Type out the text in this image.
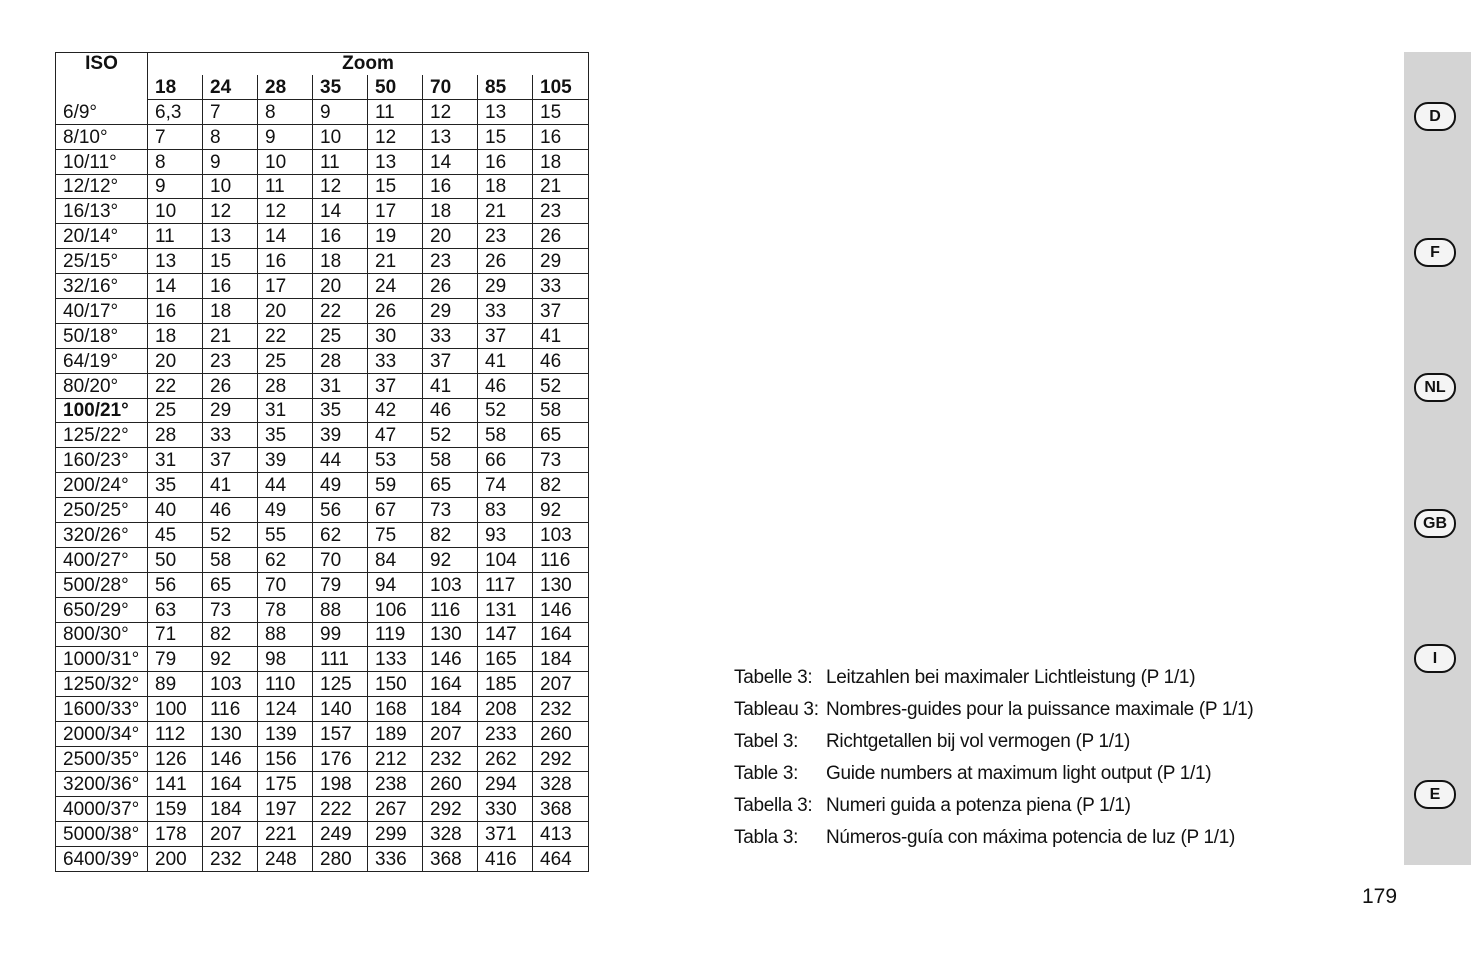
ISO	Zoom							
	18	24	28	35	50	70	85	105
6/9°	6,3	7	8	9	11	12	13	15
8/10°	7	8	9	10	12	13	15	16
10/11°	8	9	10	11	13	14	16	18
12/12°	9	10	11	12	15	16	18	21
16/13°	10	12	12	14	17	18	21	23
20/14°	11	13	14	16	19	20	23	26
25/15°	13	15	16	18	21	23	26	29
32/16°	14	16	17	20	24	26	29	33
40/17°	16	18	20	22	26	29	33	37
50/18°	18	21	22	25	30	33	37	41
64/19°	20	23	25	28	33	37	41	46
80/20°	22	26	28	31	37	41	46	52
100/21°	25	29	31	35	42	46	52	58
125/22°	28	33	35	39	47	52	58	65
160/23°	31	37	39	44	53	58	66	73
200/24°	35	41	44	49	59	65	74	82
250/25°	40	46	49	56	67	73	83	92
320/26°	45	52	55	62	75	82	93	103
400/27°	50	58	62	70	84	92	104	116
500/28°	56	65	70	79	94	103	117	130
650/29°	63	73	78	88	106	116	131	146
800/30°	71	82	88	99	119	130	147	164
1000/31°	79	92	98	111	133	146	165	184
1250/32°	89	103	110	125	150	164	185	207
1600/33°	100	116	124	140	168	184	208	232
2000/34°	112	130	139	157	189	207	233	260
2500/35°	126	146	156	176	212	232	262	292
3200/36°	141	164	175	198	238	260	294	328
4000/37°	159	184	197	222	267	292	330	368
5000/38°	178	207	221	249	299	328	371	413
6400/39°	200	232	248	280	336	368	416	464
Tabelle 3: Leitzahlen bei maximaler Lichtleistung (P 1/1)
Tableau 3: Nombres-guides pour la puissance maximale (P 1/1)
Tabel 3:	Richtgetallen bij vol vermogen (P 1/1)
Table 3:	Guide numbers at maximum light output (P 1/1)
Tabella 3: Numeri guida a potenza piena (P 1/1)
Tabla 3:	Números-guía con máxima potencia de luz (P 1/1)
D
F
NL
GB
I
E
179
